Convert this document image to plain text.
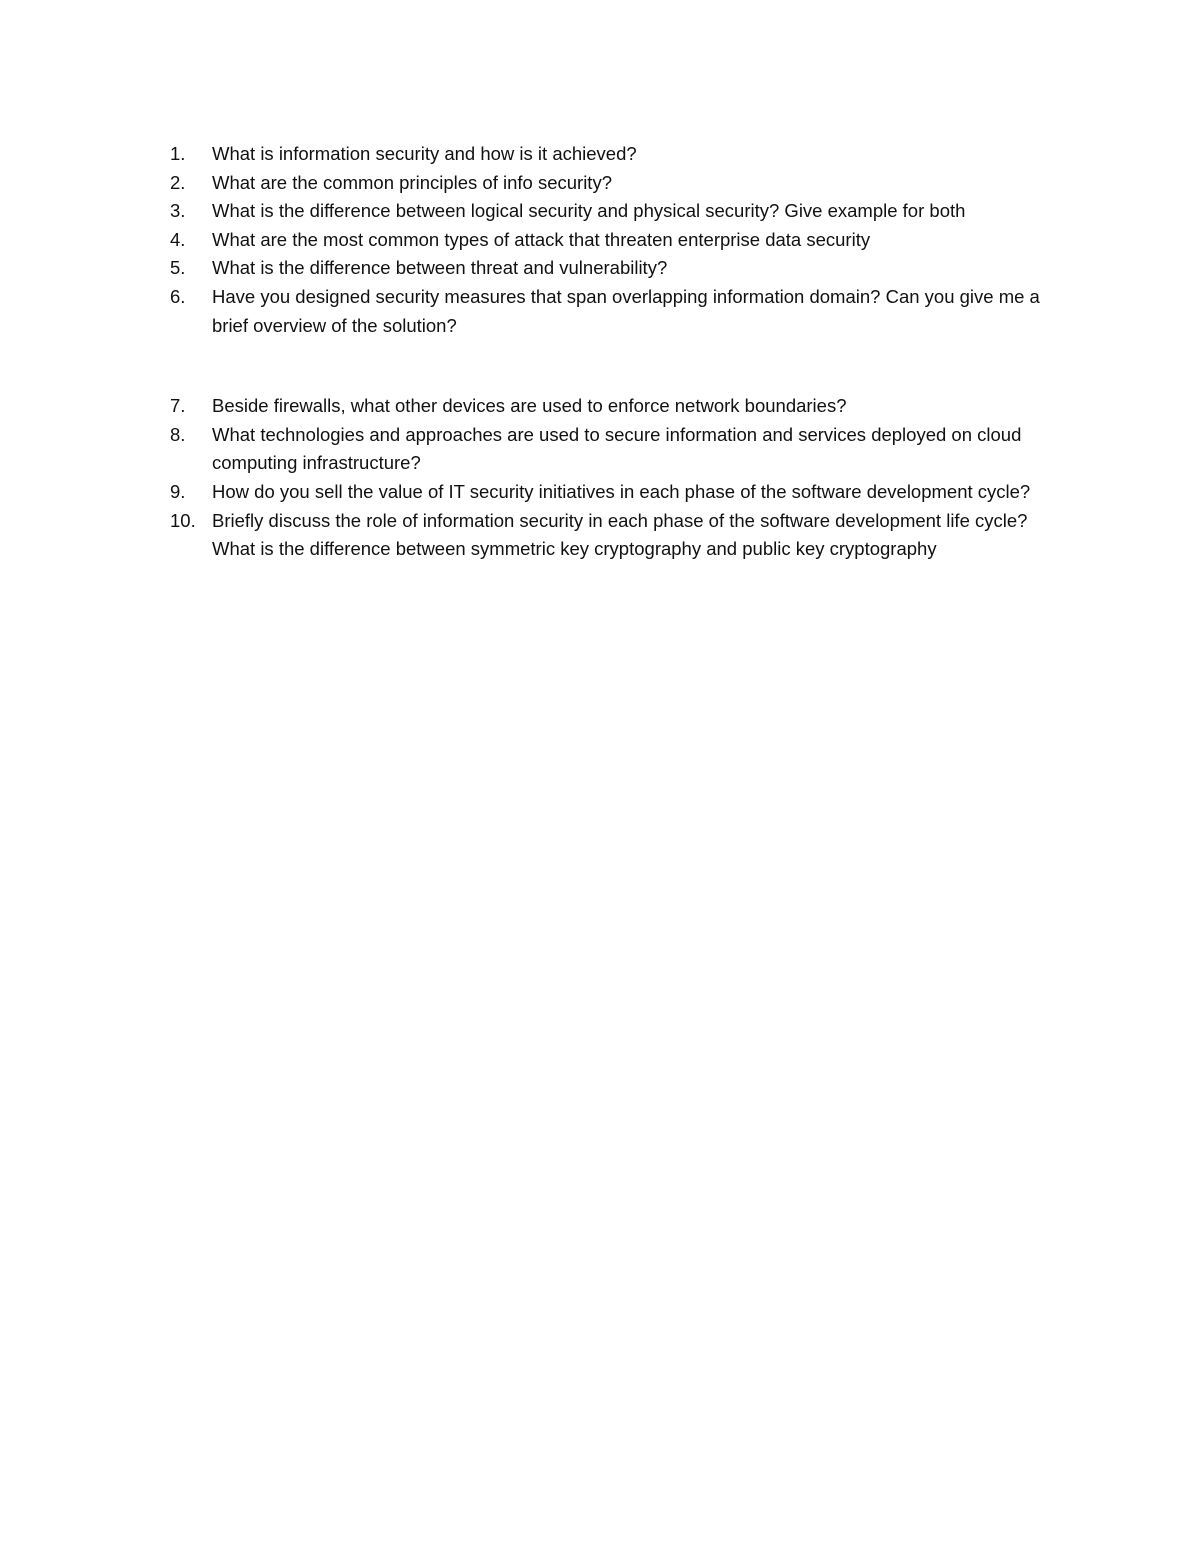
1.	What is information security and how is it achieved?
2.	What are the common principles of info security?
3.	What is the difference between logical security and physical security? Give example for both
4.	What are the most common types of attack that threaten enterprise data security
5.	What is the difference between threat and vulnerability?
6.	Have you designed security measures that span overlapping information domain? Can you give me a brief overview of the solution?
7.	Beside firewalls, what other devices are used to enforce network boundaries?
8.	What technologies and approaches are used to secure information and services deployed on cloud computing infrastructure?
9.	How do you sell the value of IT security initiatives in each phase of the software development cycle?
10. Briefly discuss the role of information security in each phase of the software development life cycle? What is the difference between symmetric key cryptography and public key cryptography
